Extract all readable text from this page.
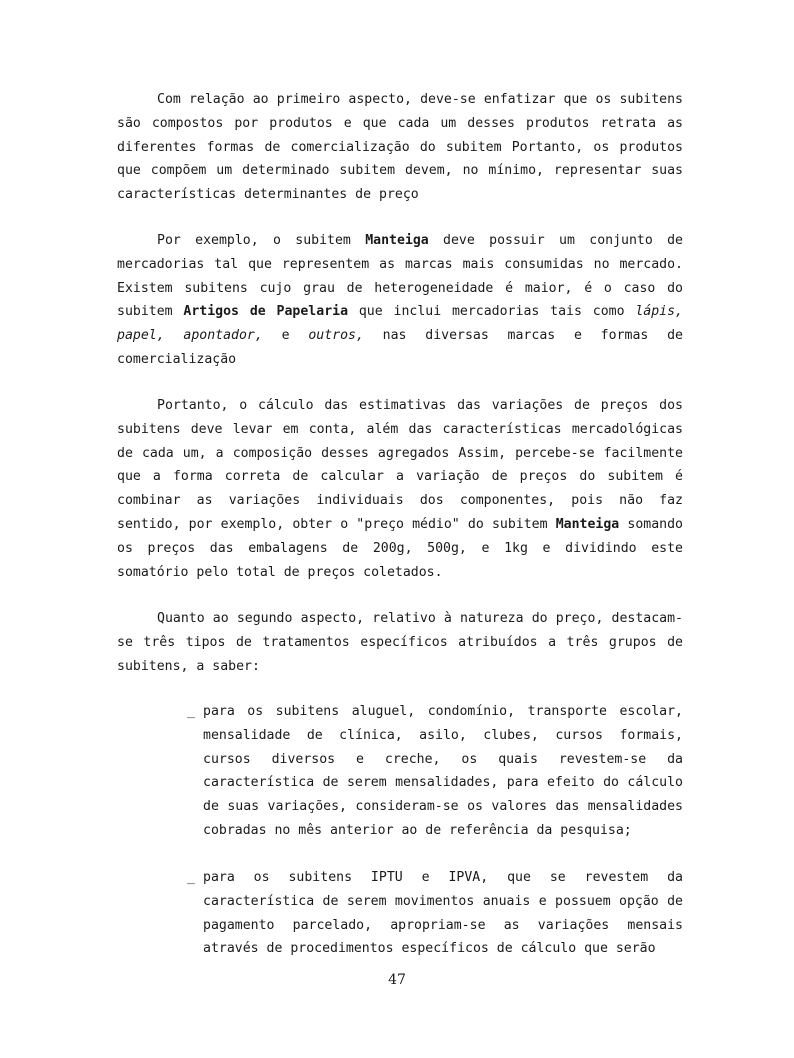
Com relação ao primeiro aspecto, deve-se enfatizar que os subitens são compostos por produtos e que cada um desses produtos retrata as diferentes formas de comercialização do subitem Portanto, os produtos que compõem um determinado subitem devem, no mínimo, representar suas características determinantes de preço

Por exemplo, o subitem Manteiga deve possuir um conjunto de mercadorias tal que representem as marcas mais consumidas no mercado. Existem subitens cujo grau de heterogeneidade é maior, é o caso do subitem Artigos de Papelaria que inclui mercadorias tais como lápis, papel, apontador, e outros, nas diversas marcas e formas de comercialização

Portanto, o cálculo das estimativas das variações de preços dos subitens deve levar em conta, além das características mercadológicas de cada um, a composição desses agregados Assim, percebe-se facilmente que a forma correta de calcular a variação de preços do subitem é combinar as variações individuais dos componentes, pois não faz sentido, por exemplo, obter o "preço médio" do subitem Manteiga somando os preços das embalagens de 200g, 500g, e 1kg e dividindo este somatório pelo total de preços coletados.

Quanto ao segundo aspecto, relativo à natureza do preço, destacam-se três tipos de tratamentos específicos atribuídos a três grupos de subitens, a saber:

_ para os subitens aluguel, condomínio, transporte escolar, mensalidade de clínica, asilo, clubes, cursos formais, cursos diversos e creche, os quais revestem-se da característica de serem mensalidades, para efeito do cálculo de suas variações, consideram-se os valores das mensalidades cobradas no mês anterior ao de referência da pesquisa;
_ para os subitens IPTU e IPVA, que se revestem da característica de serem movimentos anuais e possuem opção de pagamento parcelado, apropriam-se as variações mensais através de procedimentos específicos de cálculo que serão
47
